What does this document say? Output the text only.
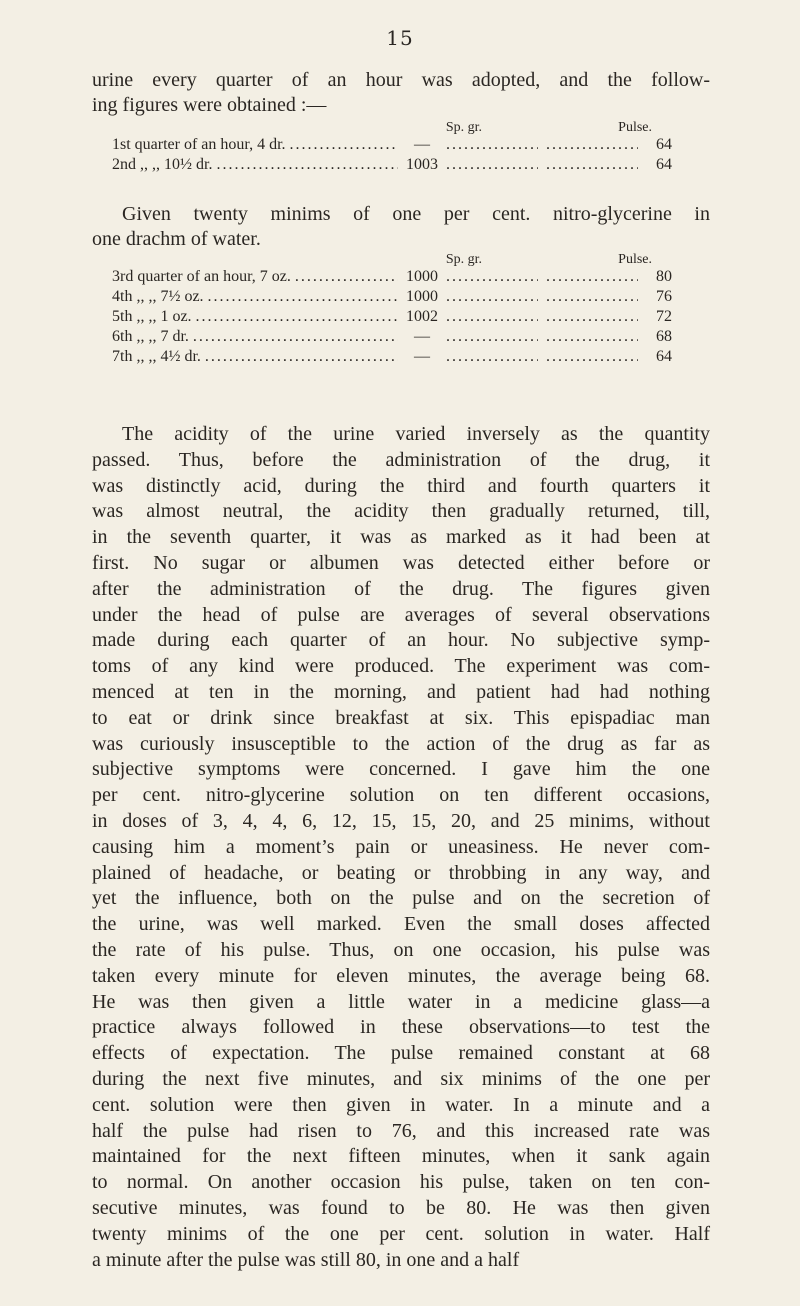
15
urine every quarter of an hour was adopted, and the follow-
ing figures were obtained :—
Sp. gr.	Pulse.
1st quarter of an hour, 4 dr. .....	— ..... .....	64
2nd ,, ,, 10½ dr. .....	1003 ..... .....	64
Given twenty minims of one per cent. nitro-glycerine in
one drachm of water.
Sp. gr.	Pulse.
3rd quarter of an hour, 7 oz. .....	1000 ..... .....	80
4th ,, ,, 7½ oz. .....	1000 ..... .....	76
5th ,, ,, 1 oz. .....	1002 ..... .....	72
6th ,, ,, 7 dr. .....	— ..... .....	68
7th ,, ,, 4½ dr. .....	— ..... .....	64
The acidity of the urine varied inversely as the quantity
passed. Thus, before the administration of the drug, it
was distinctly acid, during the third and fourth quarters it
was almost neutral, the acidity then gradually returned, till,
in the seventh quarter, it was as marked as it had been at
first. No sugar or albumen was detected either before or
after the administration of the drug. The figures given
under the head of pulse are averages of several observations
made during each quarter of an hour. No subjective symp-
toms of any kind were produced. The experiment was com-
menced at ten in the morning, and patient had had nothing
to eat or drink since breakfast at six. This epispadiac man
was curiously insusceptible to the action of the drug as far as
subjective symptoms were concerned. I gave him the one
per cent. nitro-glycerine solution on ten different occasions,
in doses of 3, 4, 4, 6, 12, 15, 15, 20, and 25 minims, without
causing him a moment’s pain or uneasiness. He never com-
plained of headache, or beating or throbbing in any way, and
yet the influence, both on the pulse and on the secretion of
the urine, was well marked. Even the small doses affected
the rate of his pulse. Thus, on one occasion, his pulse was
taken every minute for eleven minutes, the average being 68.
He was then given a little water in a medicine glass—a
practice always followed in these observations—to test the
effects of expectation. The pulse remained constant at 68
during the next five minutes, and six minims of the one per
cent. solution were then given in water. In a minute and a
half the pulse had risen to 76, and this increased rate was
maintained for the next fifteen minutes, when it sank again
to normal. On another occasion his pulse, taken on ten con-
secutive minutes, was found to be 80. He was then given
twenty minims of the one per cent. solution in water. Half
a minute after the pulse was still 80, in one and a half
